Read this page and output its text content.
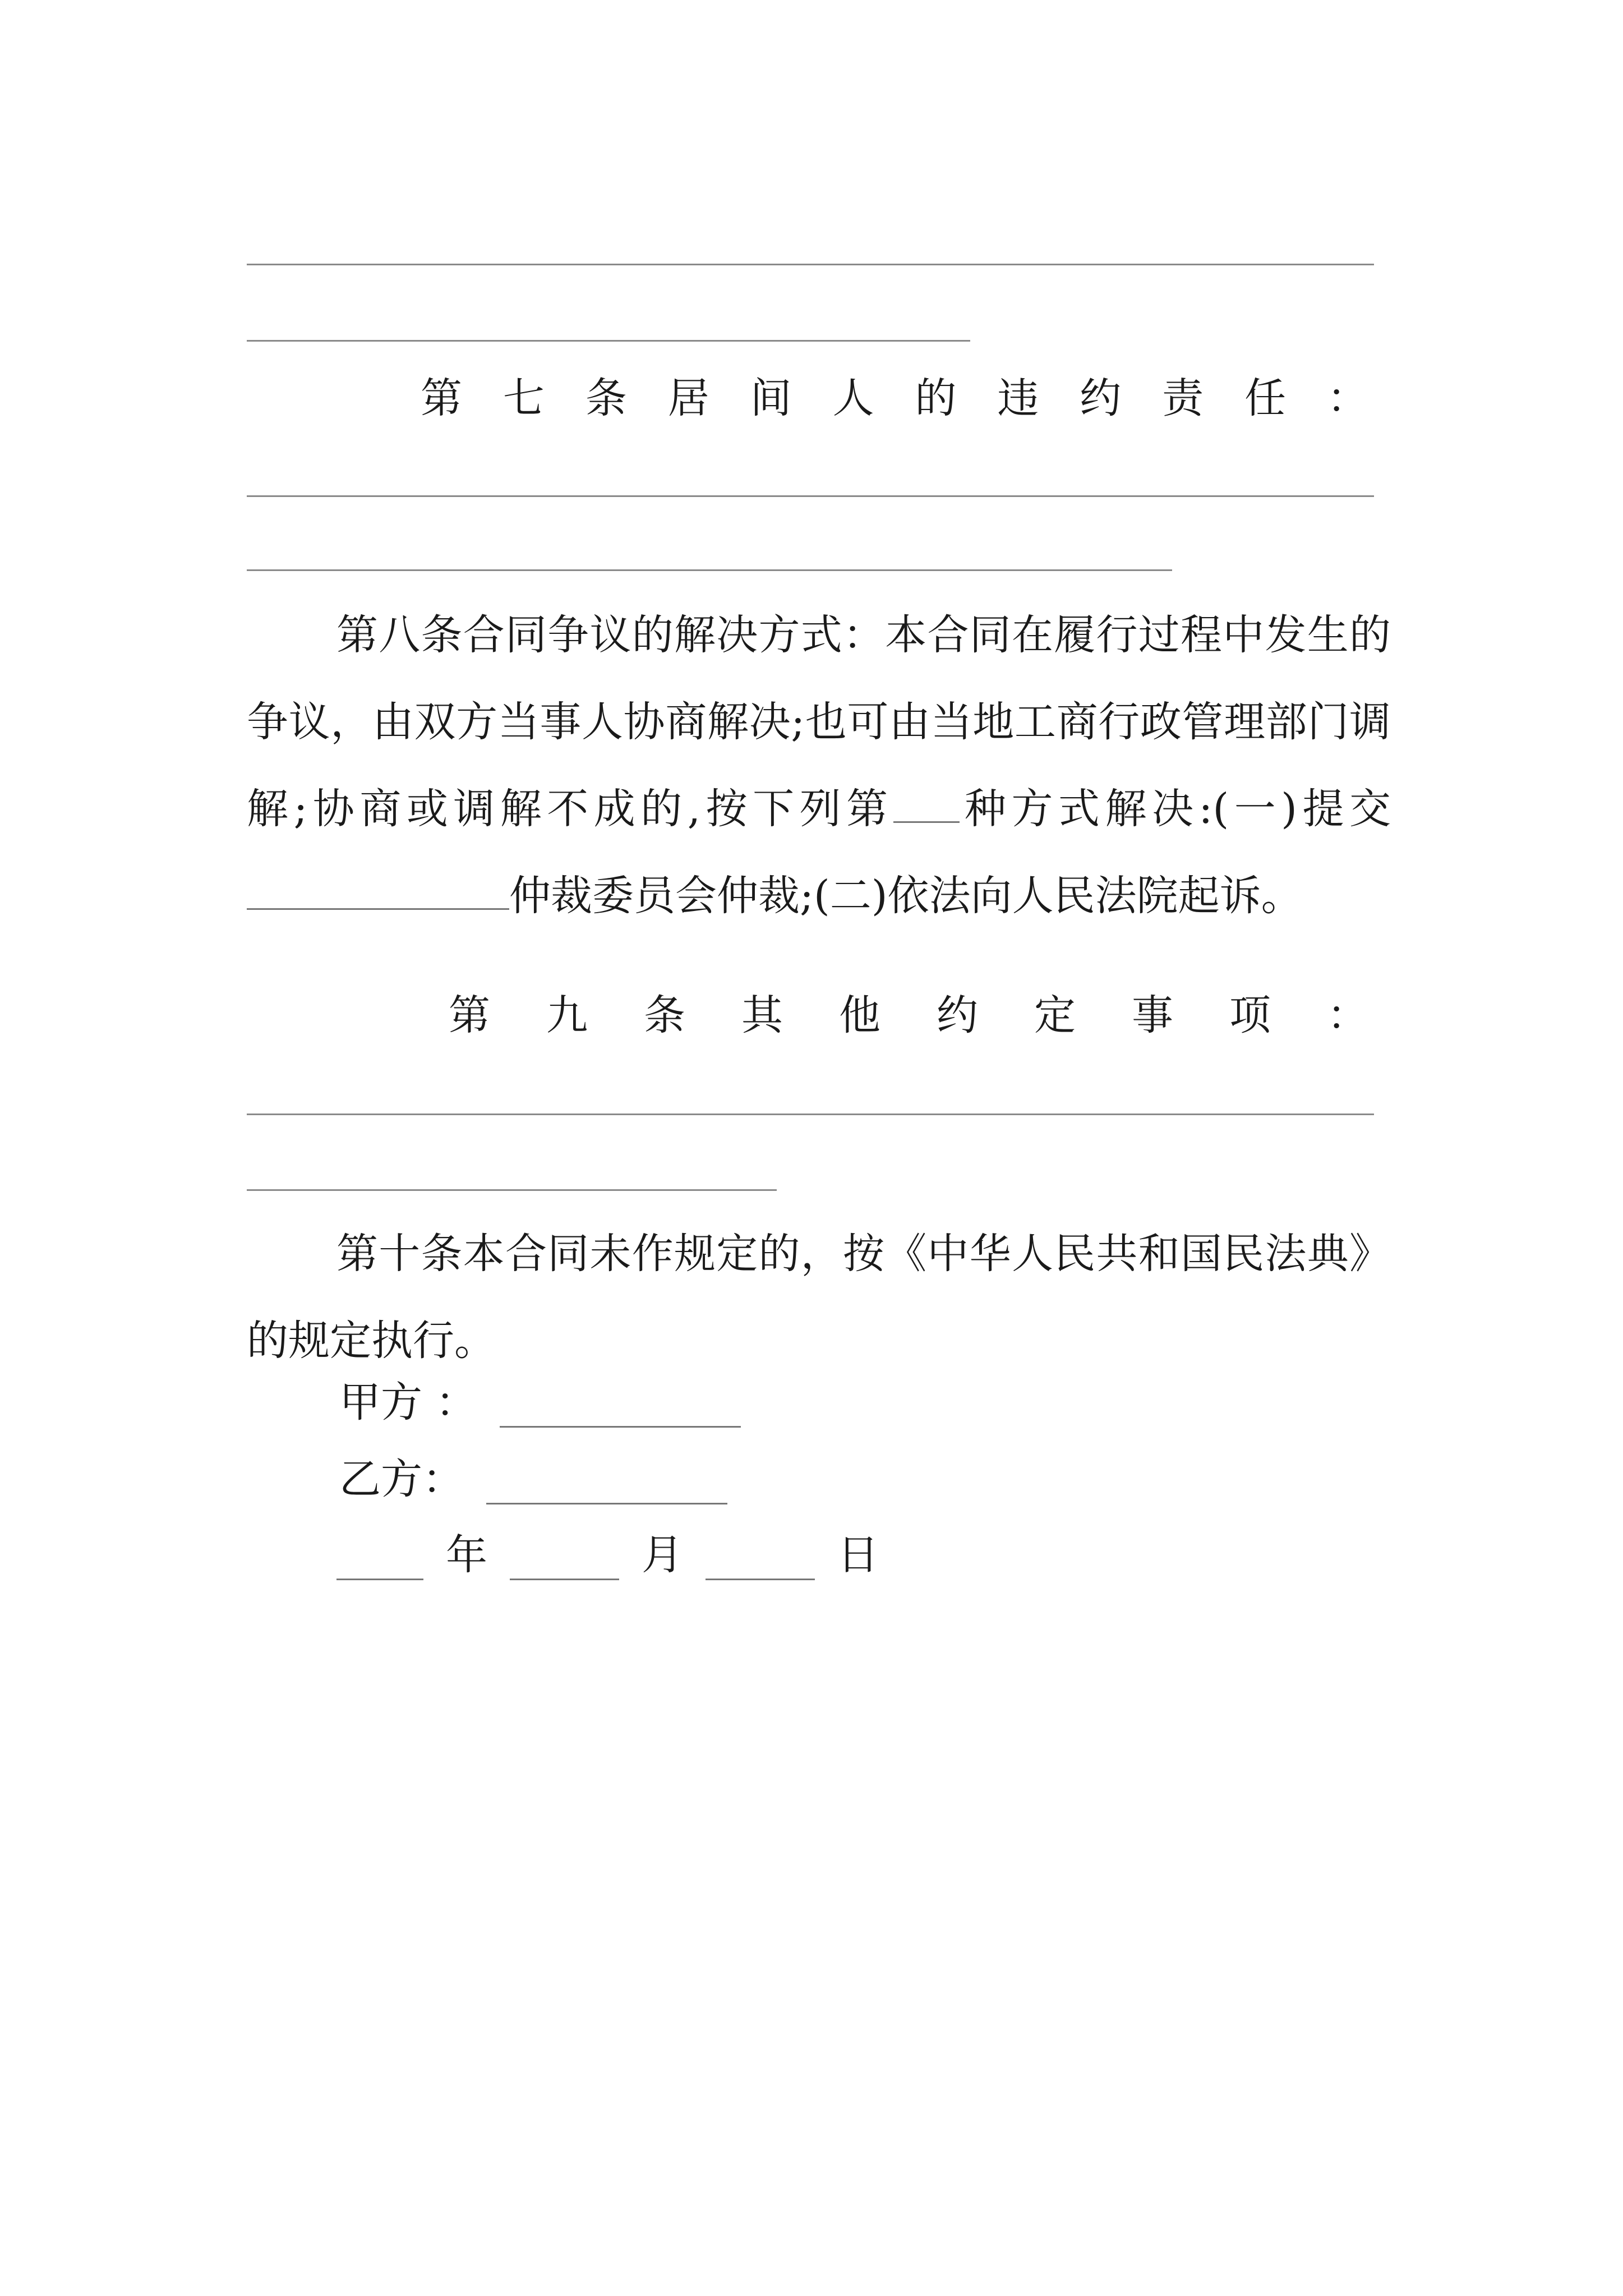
第 七 条 居 间 人 的 违 约 责 任 ：

第八条合同争议的解决方式：本合同在履行过程中发生的争议，由双方当事人协商解决;也可由当地工商行政管理部门调解;协商或调解不成的,按下列第 种方式解决:(一)提交仲裁委员会仲裁;(二)依法向人民法院起诉。

第 九 条 其 他 约 定 事 项 ：

第十条本合同未作规定的，按《中华人民共和国民法典》的规定执行。

甲方 ：
乙方：
年	月	日
